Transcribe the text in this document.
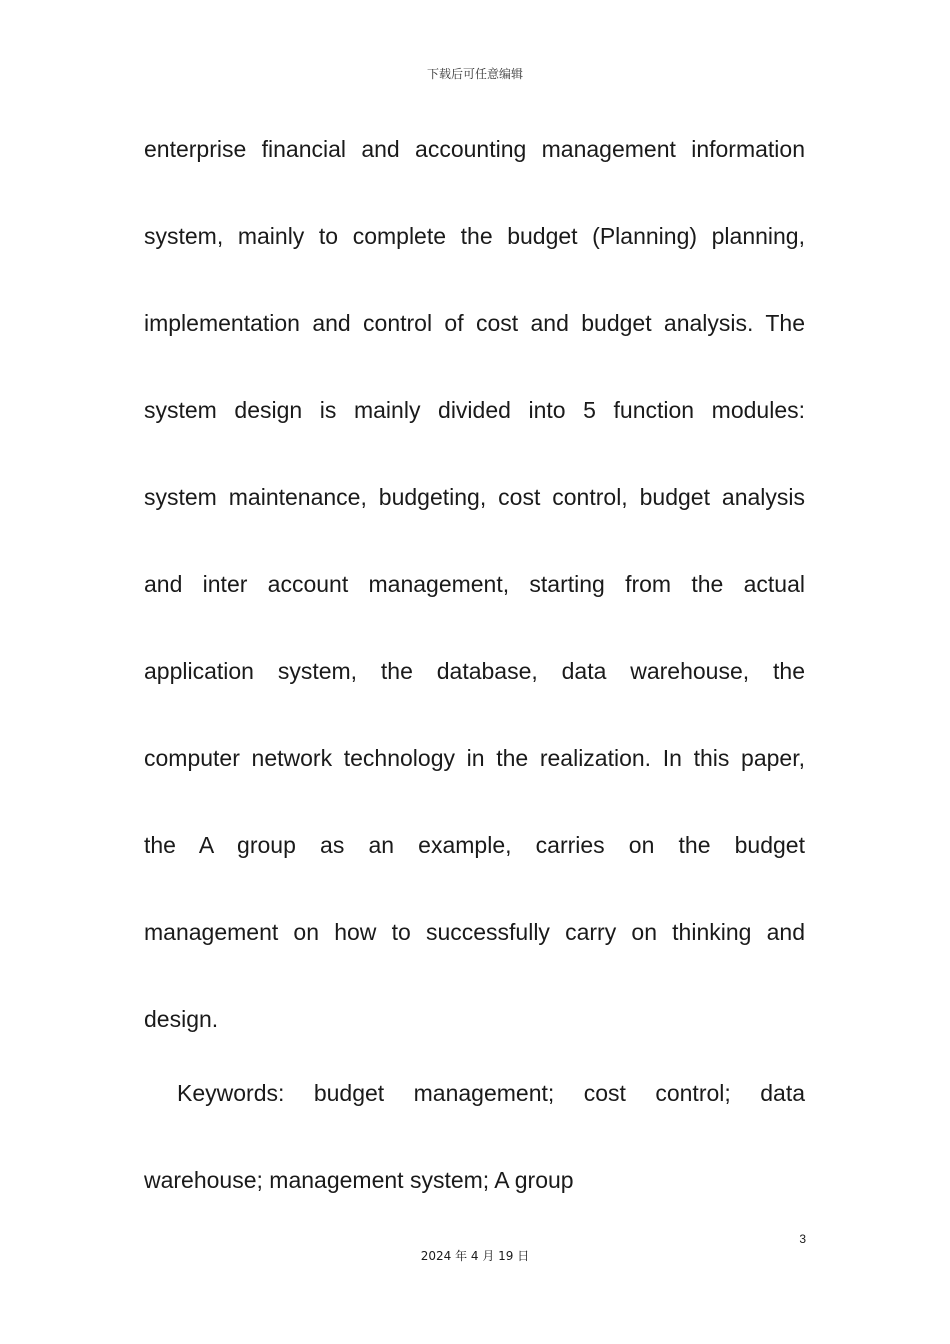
下载后可任意编辑

enterprise financial and accounting management information
system, mainly to complete the budget (Planning) planning,
implementation and control of cost and budget analysis. The
system design is mainly divided into 5 function modules:
system maintenance, budgeting, cost control, budget analysis
and inter account management, starting from the actual
application system, the database, data warehouse, the
computer network technology in the realization. In this paper,
the A group as an example, carries on the budget
management on how to successfully carry on thinking and
design.

Keywords: budget management; cost control; data
warehouse; management system; A group

3
2024 年 4 月 19 日
